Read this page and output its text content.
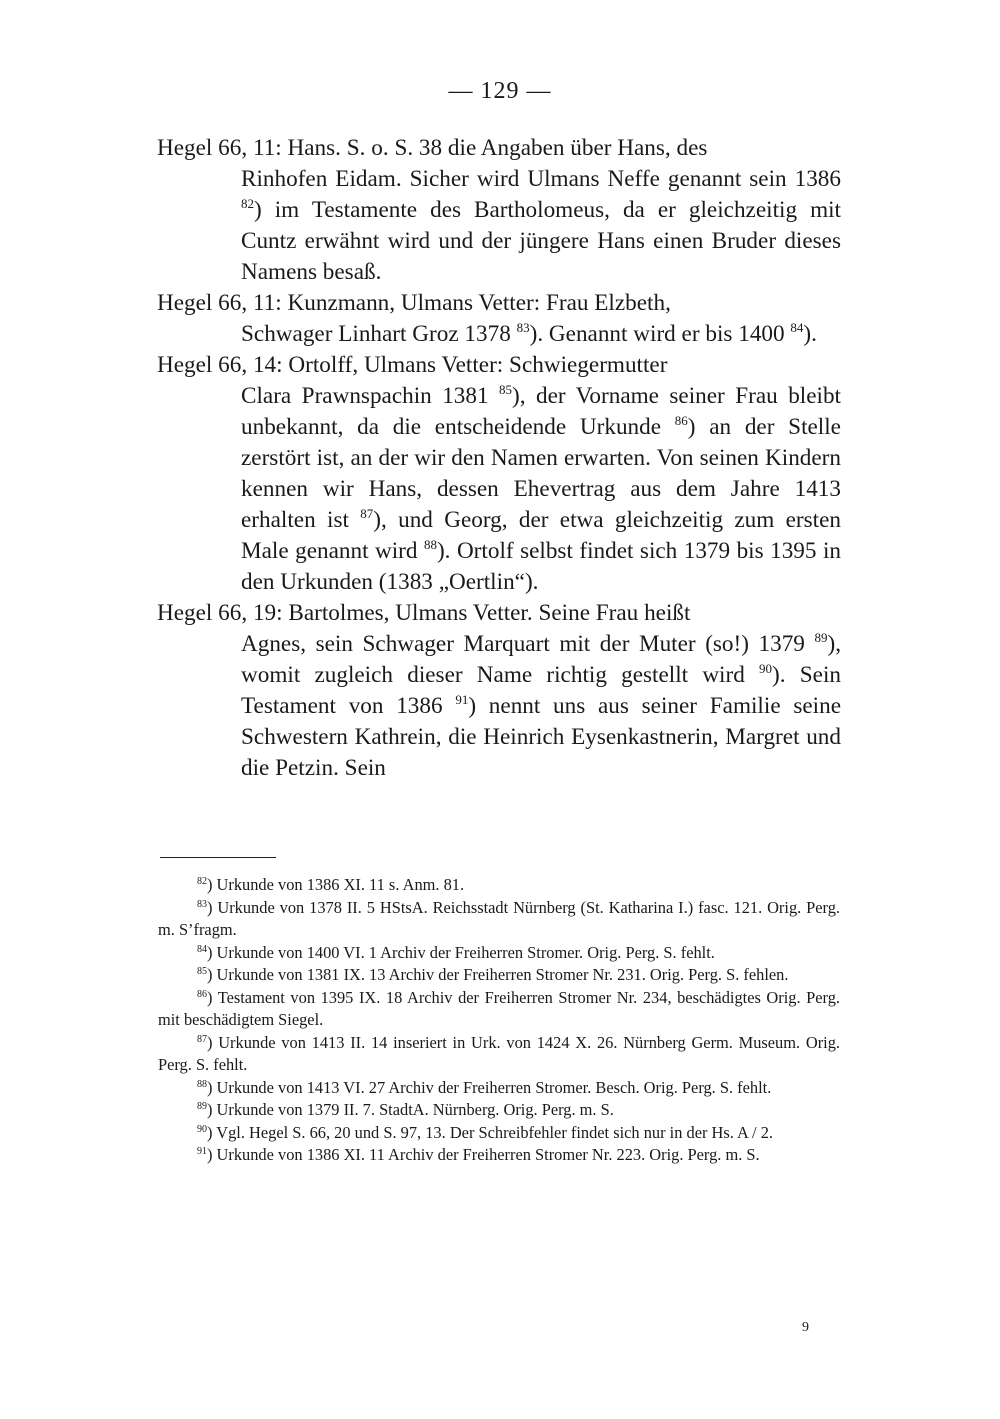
— 129 —

Hegel 66, 11: Hans. S. o. S. 38 die Angaben über Hans, des

Rinhofen Eidam. Sicher wird Ulmans Neffe genannt sein 1386 $^{82}$) im Testamente des Bartholomeus, da er gleichzeitig mit Cuntz erwähnt wird und der jüngere Hans einen Bruder dieses Namens besaß.

Hegel 66, 11: Kunzmann, Ulmans Vetter: Frau Elzbeth,

Schwager Linhart Groz 1378 $^{83}$). Genannt wird er bis 1400 $^{84}$).

Hegel 66, 14: Ortolff, Ulmans Vetter: Schwiegermutter

Clara Prawnspachin 1381 $^{85}$), der Vorname seiner Frau bleibt unbekannt, da die entscheidende Urkunde $^{86}$) an der Stelle zerstört ist, an der wir den Namen erwarten. Von seinen Kindern kennen wir Hans, dessen Ehevertrag aus dem Jahre 1413 erhalten ist $^{87}$), und Georg, der etwa gleichzeitig zum ersten Male genannt wird $^{88}$). Ortolf selbst findet sich 1379 bis 1395 in den Urkunden (1383 „Oertlin“).

Hegel 66, 19: Bartolmes, Ulmans Vetter. Seine Frau heißt

Agnes, sein Schwager Marquart mit der Muter (so!) 1379 $^{89}$), womit zugleich dieser Name richtig gestellt wird $^{90}$). Sein Testament von 1386 $^{91}$) nennt uns aus seiner Familie seine Schwestern Kathrein, die Heinrich Eysenkastnerin, Margret und die Petzin. Sein

$^{82}$) Urkunde von 1386 XI. 11 s. Anm. 81.

$^{83}$) Urkunde von 1378 II. 5 HStsA. Reichsstadt Nürnberg (St. Katharina I.) fasc. 121. Orig. Perg. m. S’fragm.

$^{84}$) Urkunde von 1400 VI. 1 Archiv der Freiherren Stromer. Orig. Perg. S. fehlt.

$^{85}$) Urkunde von 1381 IX. 13 Archiv der Freiherren Stromer Nr. 231. Orig. Perg. S. fehlen.

$^{86}$) Testament von 1395 IX. 18 Archiv der Freiherren Stromer Nr. 234, beschädigtes Orig. Perg. mit beschädigtem Siegel.

$^{87}$) Urkunde von 1413 II. 14 inseriert in Urk. von 1424 X. 26. Nürnberg Germ. Museum. Orig. Perg. S. fehlt.

$^{88}$) Urkunde von 1413 VI. 27 Archiv der Freiherren Stromer. Besch. Orig. Perg. S. fehlt.

$^{89}$) Urkunde von 1379 II. 7. StadtA. Nürnberg. Orig. Perg. m. S.

$^{90}$) Vgl. Hegel S. 66, 20 und S. 97, 13. Der Schreibfehler findet sich nur in der Hs. A / 2.

$^{91}$) Urkunde von 1386 XI. 11 Archiv der Freiherren Stromer Nr. 223. Orig. Perg. m. S.

9
